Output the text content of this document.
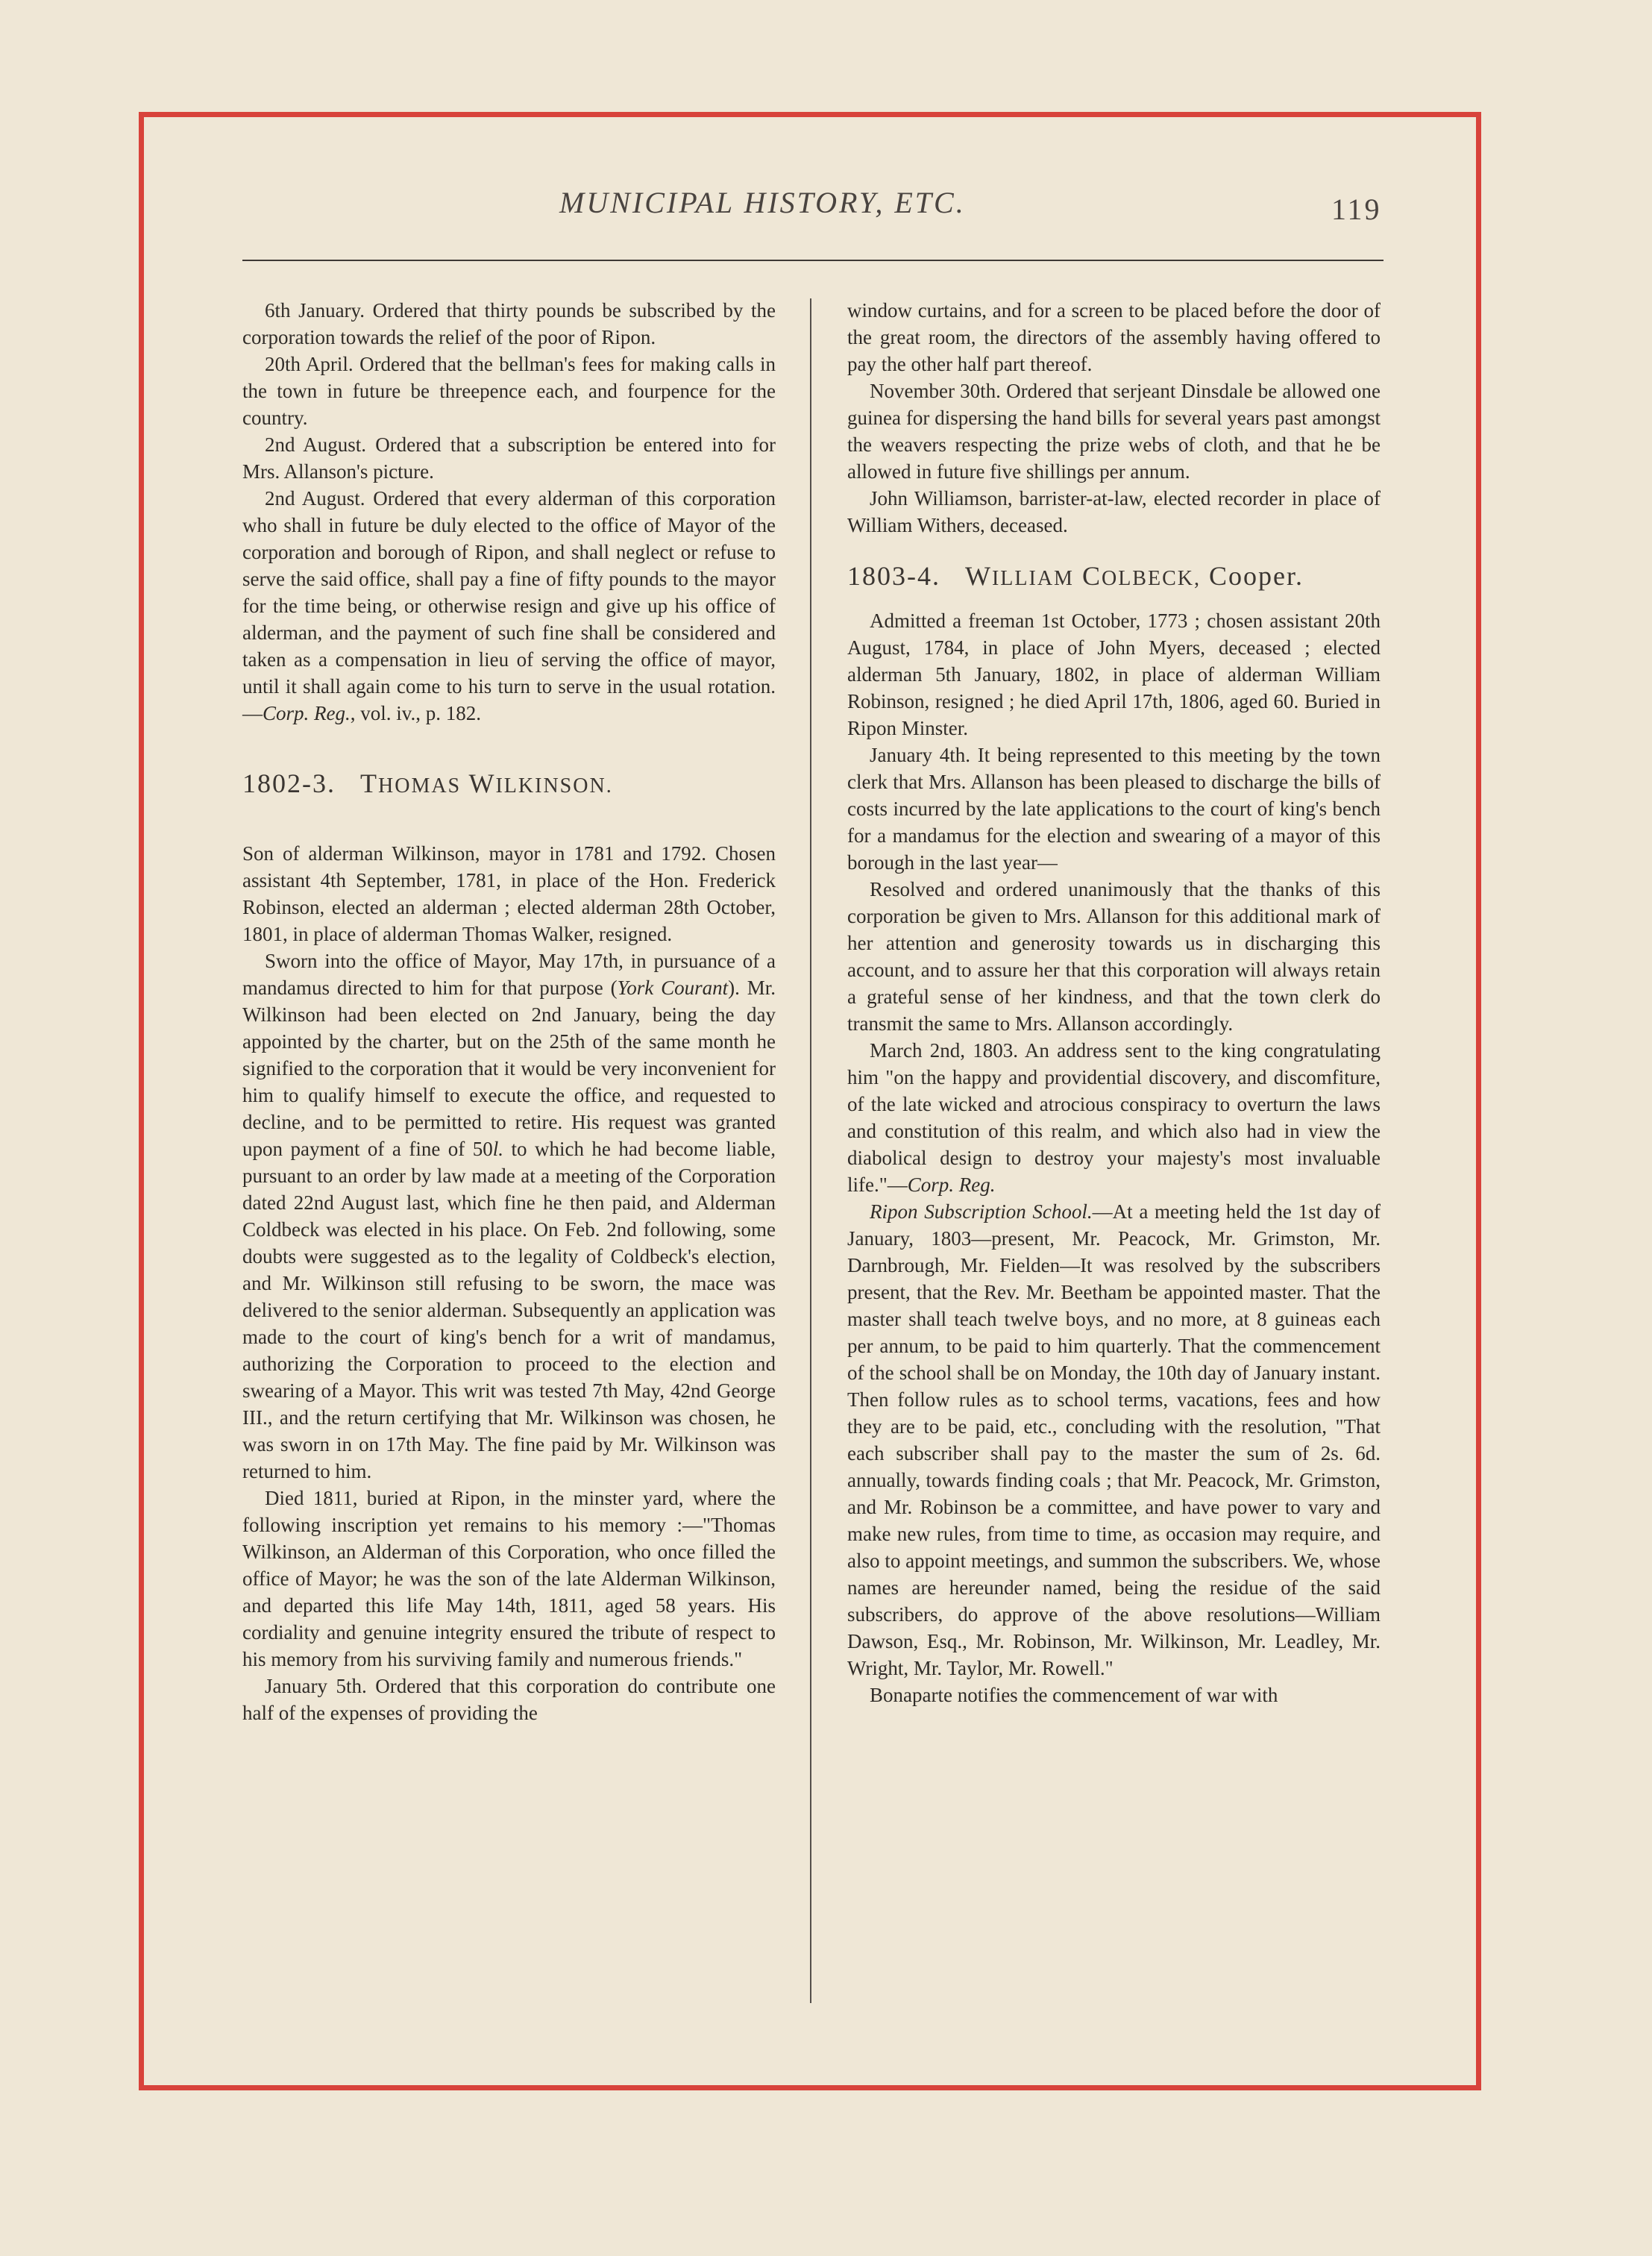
MUNICIPAL HISTORY, ETC.	119

6th January. Ordered that thirty pounds be subscribed by the corporation towards the relief of the poor of Ripon.

20th April. Ordered that the bellman's fees for making calls in the town in future be threepence each, and fourpence for the country.

2nd August. Ordered that a subscription be entered into for Mrs. Allanson's picture.

2nd August. Ordered that every alderman of this corporation who shall in future be duly elected to the office of Mayor of the corporation and borough of Ripon, and shall neglect or refuse to serve the said office, shall pay a fine of fifty pounds to the mayor for the time being, or otherwise resign and give up his office of alderman, and the payment of such fine shall be considered and taken as a compensation in lieu of serving the office of mayor, until it shall again come to his turn to serve in the usual rotation.—Corp. Reg., vol. iv., p. 182.

1802-3. THOMAS WILKINSON.

Son of alderman Wilkinson, mayor in 1781 and 1792. Chosen assistant 4th September, 1781, in place of the Hon. Frederick Robinson, elected an alderman ; elected alderman 28th October, 1801, in place of alderman Thomas Walker, resigned.

Sworn into the office of Mayor, May 17th, in pursuance of a mandamus directed to him for that purpose (York Courant). Mr. Wilkinson had been elected on 2nd January, being the day appointed by the charter, but on the 25th of the same month he signified to the corporation that it would be very inconvenient for him to qualify himself to execute the office, and requested to decline, and to be permitted to retire. His request was granted upon payment of a fine of 50l. to which he had become liable, pursuant to an order by law made at a meeting of the Corporation dated 22nd August last, which fine he then paid, and Alderman Coldbeck was elected in his place. On Feb. 2nd following, some doubts were suggested as to the legality of Coldbeck's election, and Mr. Wilkinson still refusing to be sworn, the mace was delivered to the senior alderman. Subsequently an application was made to the court of king's bench for a writ of mandamus, authorizing the Corporation to proceed to the election and swearing of a Mayor. This writ was tested 7th May, 42nd George III., and the return certifying that Mr. Wilkinson was chosen, he was sworn in on 17th May. The fine paid by Mr. Wilkinson was returned to him.

Died 1811, buried at Ripon, in the minster yard, where the following inscription yet remains to his memory :—"Thomas Wilkinson, an Alderman of this Corporation, who once filled the office of Mayor; he was the son of the late Alderman Wilkinson, and departed this life May 14th, 1811, aged 58 years. His cordiality and genuine integrity ensured the tribute of respect to his memory from his surviving family and numerous friends."

January 5th. Ordered that this corporation do contribute one half of the expenses of providing the

window curtains, and for a screen to be placed before the door of the great room, the directors of the assembly having offered to pay the other half part thereof.

November 30th. Ordered that serjeant Dinsdale be allowed one guinea for dispersing the hand bills for several years past amongst the weavers respecting the prize webs of cloth, and that he be allowed in future five shillings per annum.

John Williamson, barrister-at-law, elected recorder in place of William Withers, deceased.

1803-4. WILLIAM COLBECK, Cooper.

Admitted a freeman 1st October, 1773 ; chosen assistant 20th August, 1784, in place of John Myers, deceased ; elected alderman 5th January, 1802, in place of alderman William Robinson, resigned ; he died April 17th, 1806, aged 60. Buried in Ripon Minster.

January 4th. It being represented to this meeting by the town clerk that Mrs. Allanson has been pleased to discharge the bills of costs incurred by the late applications to the court of king's bench for a mandamus for the election and swearing of a mayor of this borough in the last year—

Resolved and ordered unanimously that the thanks of this corporation be given to Mrs. Allanson for this additional mark of her attention and generosity towards us in discharging this account, and to assure her that this corporation will always retain a grateful sense of her kindness, and that the town clerk do transmit the same to Mrs. Allanson accordingly.

March 2nd, 1803. An address sent to the king congratulating him "on the happy and providential discovery, and discomfiture, of the late wicked and atrocious conspiracy to overturn the laws and constitution of this realm, and which also had in view the diabolical design to destroy your majesty's most invaluable life."—Corp. Reg.

Ripon Subscription School.—At a meeting held the 1st day of January, 1803—present, Mr. Peacock, Mr. Grimston, Mr. Darnbrough, Mr. Fielden—It was resolved by the subscribers present, that the Rev. Mr. Beetham be appointed master. That the master shall teach twelve boys, and no more, at 8 guineas each per annum, to be paid to him quarterly. That the commencement of the school shall be on Monday, the 10th day of January instant. Then follow rules as to school terms, vacations, fees and how they are to be paid, etc., concluding with the resolution, "That each subscriber shall pay to the master the sum of 2s. 6d. annually, towards finding coals ; that Mr. Peacock, Mr. Grimston, and Mr. Robinson be a committee, and have power to vary and make new rules, from time to time, as occasion may require, and also to appoint meetings, and summon the subscribers. We, whose names are hereunder named, being the residue of the said subscribers, do approve of the above resolutions—William Dawson, Esq., Mr. Robinson, Mr. Wilkinson, Mr. Leadley, Mr. Wright, Mr. Taylor, Mr. Rowell."

Bonaparte notifies the commencement of war with
